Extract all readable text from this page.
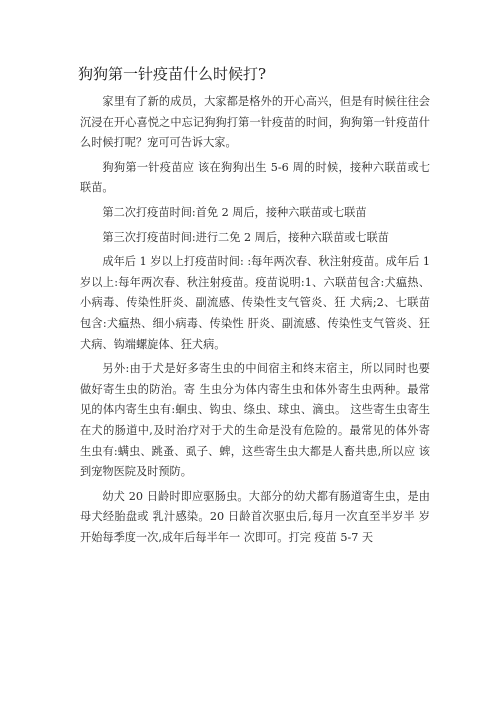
狗狗第一针疫苗什么时候打?

家里有了新的成员，大家都是格外的开心高兴，但是有时候往往会沉浸在开心喜悦之中忘记狗狗打第一针疫苗的时间，狗狗第一针疫苗什么时候打呢？宠可可告诉大家。

狗狗第一针疫苗应 该在狗狗出生 5-6 周的时候，接种六联苗或七联苗。

第二次打疫苗时间:首免 2 周后，接种六联苗或七联苗

第三次打疫苗时间:进行二免 2 周后，接种六联苗或七联苗

成年后 1 岁以上打疫苗时间: :每年两次春、秋注射疫苗。成年后 1 岁以上:每年两次春、秋注射疫苗。疫苗说明:1、六联苗包含:犬瘟热、小病毒、传染性肝炎、副流感、传染性支气管炎、狂 犬病;2、七联苗包含:犬瘟热、细小病毒、传染性 肝炎、副流感、传染性支气管炎、狂犬病、钩端螺旋体、狂犬病。

另外:由于犬是好多寄生虫的中间宿主和终末宿主，所以同时也要做好寄生虫的防治。寄 生虫分为体内寄生虫和体外寄生虫两种。最常见的体内寄生虫有:蛔虫、钩虫、绦虫、球虫、滴虫。 这些寄生虫寄生在犬的肠道中,及时治疗对于犬的生命是没有危险的。最常见的体外寄生虫有:螨虫、跳蚤、虱子、蜱，这些寄生虫大都是人畜共患,所以应 该到宠物医院及时预防。

幼犬 20 日龄时即应驱肠虫。大部分的幼犬都有肠道寄生虫，是由母犬经胎盘或 乳汁感染。20 日龄首次驱虫后,每月一次直至半岁半 岁开始每季度一次,成年后每半年一 次即可。打完 疫苗 5-7 天
